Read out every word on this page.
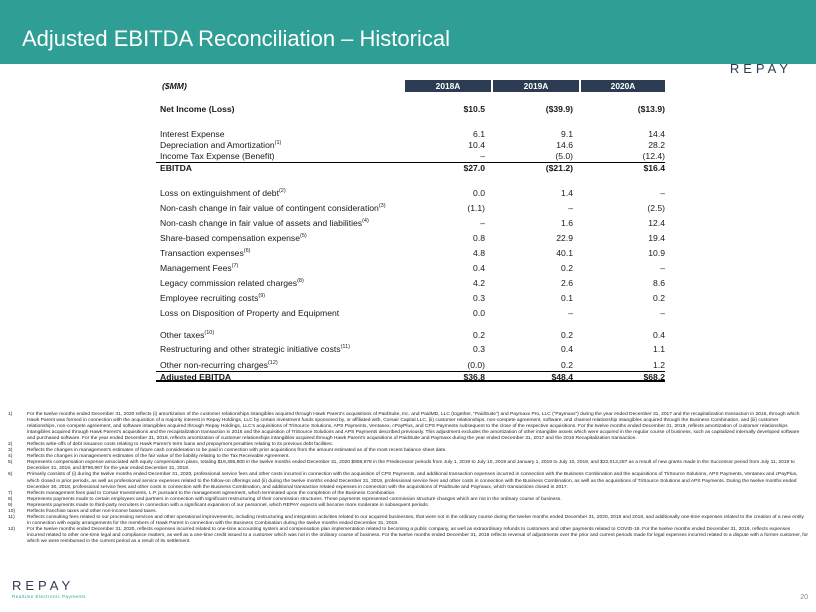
Adjusted EBITDA Reconciliation – Historical
REPAY
($MM)	2018A	2019A	2020A
Net Income (Loss)	$10.5	($39.9)	($13.9)
Interest Expense	6.1	9.1	14.4
Depreciation and Amortization$^{(1)}$	10.4	14.6	28.2
Income Tax Expense (Benefit)	–	(5.0)	(12.4)
EBITDA	$27.0	($21.2)	$16.4
Loss on extinguishment of debt$^{(2)}$	0.0	1.4	–
Non-cash change in fair value of contingent consideration$^{(3)}$	(1.1)	–	(2.5)
Non-cash change in fair value of assets and liabilities$^{(4)}$	–	1.6	12.4
Share-based compensation expense$^{(5)}$	0.8	22.9	19.4
Transaction expenses$^{(6)}$	4.8	40.1	10.9
Management Fees$^{(7)}$	0.4	0.2	–
Legacy commission related charges$^{(8)}$	4.2	2.6	8.6
Employee recruiting costs$^{(9)}$	0.3	0.1	0.2
Loss on Disposition of Property and Equipment	0.0	–	–
Other taxes$^{(10)}$	0.2	0.2	0.4
Restructuring and other strategic initiative costs$^{(11)}$	0.3	0.4	1.1
Other non-recurring charges$^{(12)}$	(0.0)	0.2	1.2
Adjusted EBITDA	$36.8	$48.4	$68.2
1)	For the twelve months ended December 31, 2020 reflects (i) amortization of the customer relationships intangibles acquired through Hawk Parent’s acquisitions of PaidSuite, Inc. and PaidMD, LLC (together, “PaidSuite”) and Paymaxx Pro, LLC (“Paymaxx”) during the year ended December 31, 2017 and the recapitalization transaction in 2016, through which Hawk Parent was formed in connection with the acquisition of a majority interest in Repay Holdings, LLC by certain investment funds sponsored by, or affiliated with, Corsair Capital LLC, (ii) customer relationships, non-compete agreement, software, and channel relationship intangibles acquired through the Business Combination, and (iii) customer relationships, non-compete agreement, and software intangibles acquired through Repay Holdings, LLC’s acquisitions of TriSource Solutions, APS Payments, Ventanex, cPayPlus, and CPS Payments subsequent to the close of the respective acquisitions. For the twelve months ended December 31, 2019, reflects amortization of customer relationships intangibles acquired through Hawk Parent’s acquisitions and the recapitalization transaction in 2016 and the acquisition of TriSource Solutions and APS Payments described previously. This adjustment excludes the amortization of other intangible assets which were acquired in the regular course of business, such as capitalized internally developed software and purchased software. For the year ended December 31, 2018, reflects amortization of customer relationships intangibles acquired through Hawk Parent’s acquisitions of PaidSuite and Paymaxx during the year ended December 31, 2017 and the 2016 Recapitalization transaction.
2)	Reflects write-offs of debt issuance costs relating to Hawk Parent’s term loans and prepayment penalties relating to its previous debt facilities.
3)	Reflects the changes in management’s estimates of future cash consideration to be paid in connection with prior acquisitions from the amount estimated as of the most recent balance sheet date.
4)	Reflects the changes in management’s estimates of the fair value of the liability relating to the Tax Receivable Agreement.
5)	Represents compensation expense associated with equity compensation plans, totaling $19,355,800 in the twelve months ended December 31, 2020 $908,978 in the Predecessor periods from July 1, 2019 to July 10, 2019 and January 1, 2019 to July 10, 2019, and $22,013,287 as a result of new grants made in the Successor period from July 11, 2019 to December 31, 2019, and $796,967 for the year ended December 31, 2018.
6)	Primarily consists of (i) during the twelve months ended December 31, 2020, professional service fees and other costs incurred in connection with the acquisition of CPS Payments, and additional transaction expenses incurred in connection with the Business Combination and the acquisitions of TriSource Solutions, APS Payments, Ventanex and cPayPlus, which closed in prior periods, as well as professional service expenses related to the follow-on offerings and (ii) during the twelve months ended December 31, 2019, professional service fees and other costs in connection with the Business Combination, as well as the acquisitions of TriSource Solutions and APS Payments. During the twelve months ended December 30, 2018, professional service fees and other costs in connection with the Business Combination, and additional transaction related expenses in connection with the acquisitions of PaidSuite and Paymaxx, which transactions closed in 2017.
7)	Reflects management fees paid to Corsair Investments, L.P. pursuant to the management agreement, which terminated upon the completion of the Business Combination.
8)	Represents payments made to certain employees and partners in connection with significant restructuring of their commission structures. These payments represented commission structure changes which are not in the ordinary course of business.
9)	Represents payments made to third-party recruiters in connection with a significant expansion of our personnel, which REPAY expects will become more moderate in subsequent periods.
10) Reflects franchise taxes and other non-income based taxes.
11)	Reflects consulting fees related to our processing services and other operational improvements, including restructuring and integration activities related to our acquired businesses, that were not in the ordinary course during the twelve months ended December 31, 2020, 2019 and 2018, and additionally one-time expenses related to the creation of a new entity in connection with equity arrangements for the members of Hawk Parent in connection with the Business Combination during the twelve months ended December 31, 2019.
12) For the twelve months ended December 31, 2020, reflects expenses incurred related to one-time accounting system and compensation plan implementation related to becoming a public company, as well as extraordinary refunds to customers and other payments related to COVID-19. For the twelve months ended December 31, 2019, reflects expenses incurred related to other one-time legal and compliance matters, as well as a one-time credit issued to a customer which was not in the ordinary course of business. For the twelve months ended December 31, 2018 reflects reversal of adjustments over the prior and current periods made for legal expenses incurred related to a dispute with a former customer, for which we were reimbursed in the current period as a result of its settlement.
REPAY
Realtime Electronic Payments	20
